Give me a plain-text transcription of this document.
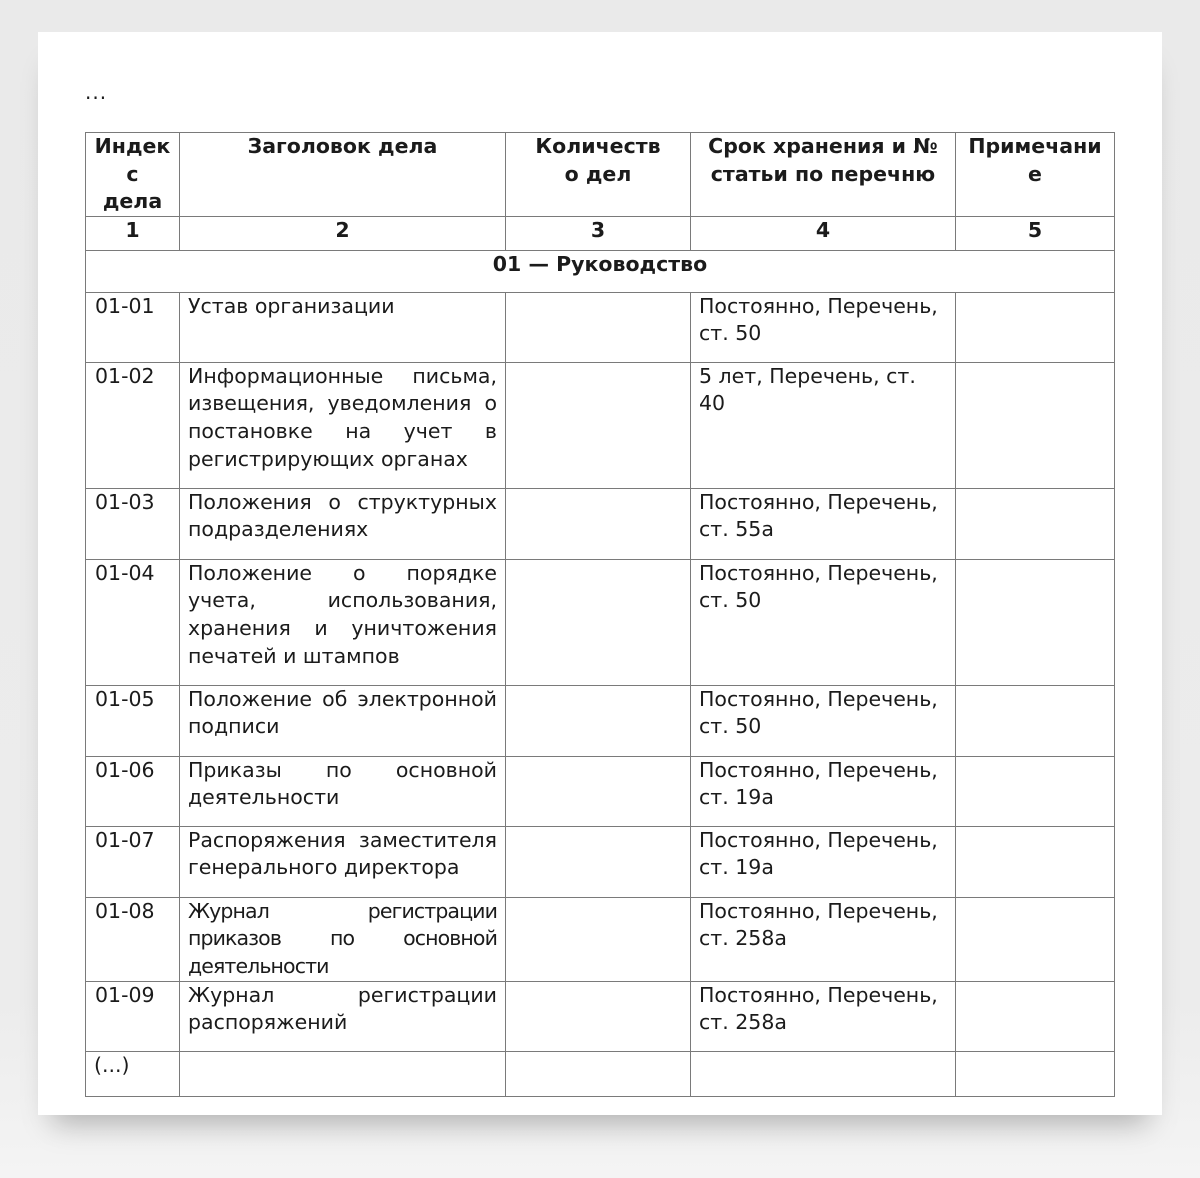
...
Индекс дела	Заголовок дела	Количество дел	Срок хранения и № статьи по перечню	Примечание
1	2	3	4	5
01 — Руководство				
01-01	Устав организации		Постоянно, Перечень, ст. 50	
01-02	Информационные письма, извещения, уведомления о постановке на учет в регистрирующих органах		5 лет, Перечень, ст. 40	
01-03	Положения о структурных подразделениях		Постоянно, Перечень, ст. 55а	
01-04	Положение о порядке учета, использования, хранения и уничтожения печатей и штампов		Постоянно, Перечень, ст. 50	
01-05	Положение об электронной подписи		Постоянно, Перечень, ст. 50	
01-06	Приказы по основной деятельности		Постоянно, Перечень, ст. 19а	
01-07	Распоряжения заместителя генерального директора		Постоянно, Перечень, ст. 19а	
01-08	Журнал регистрации приказов по основной деятельности		Постоянно, Перечень, ст. 258а	
01-09	Журнал регистрации распоряжений		Постоянно, Перечень, ст. 258а	
(...)				
